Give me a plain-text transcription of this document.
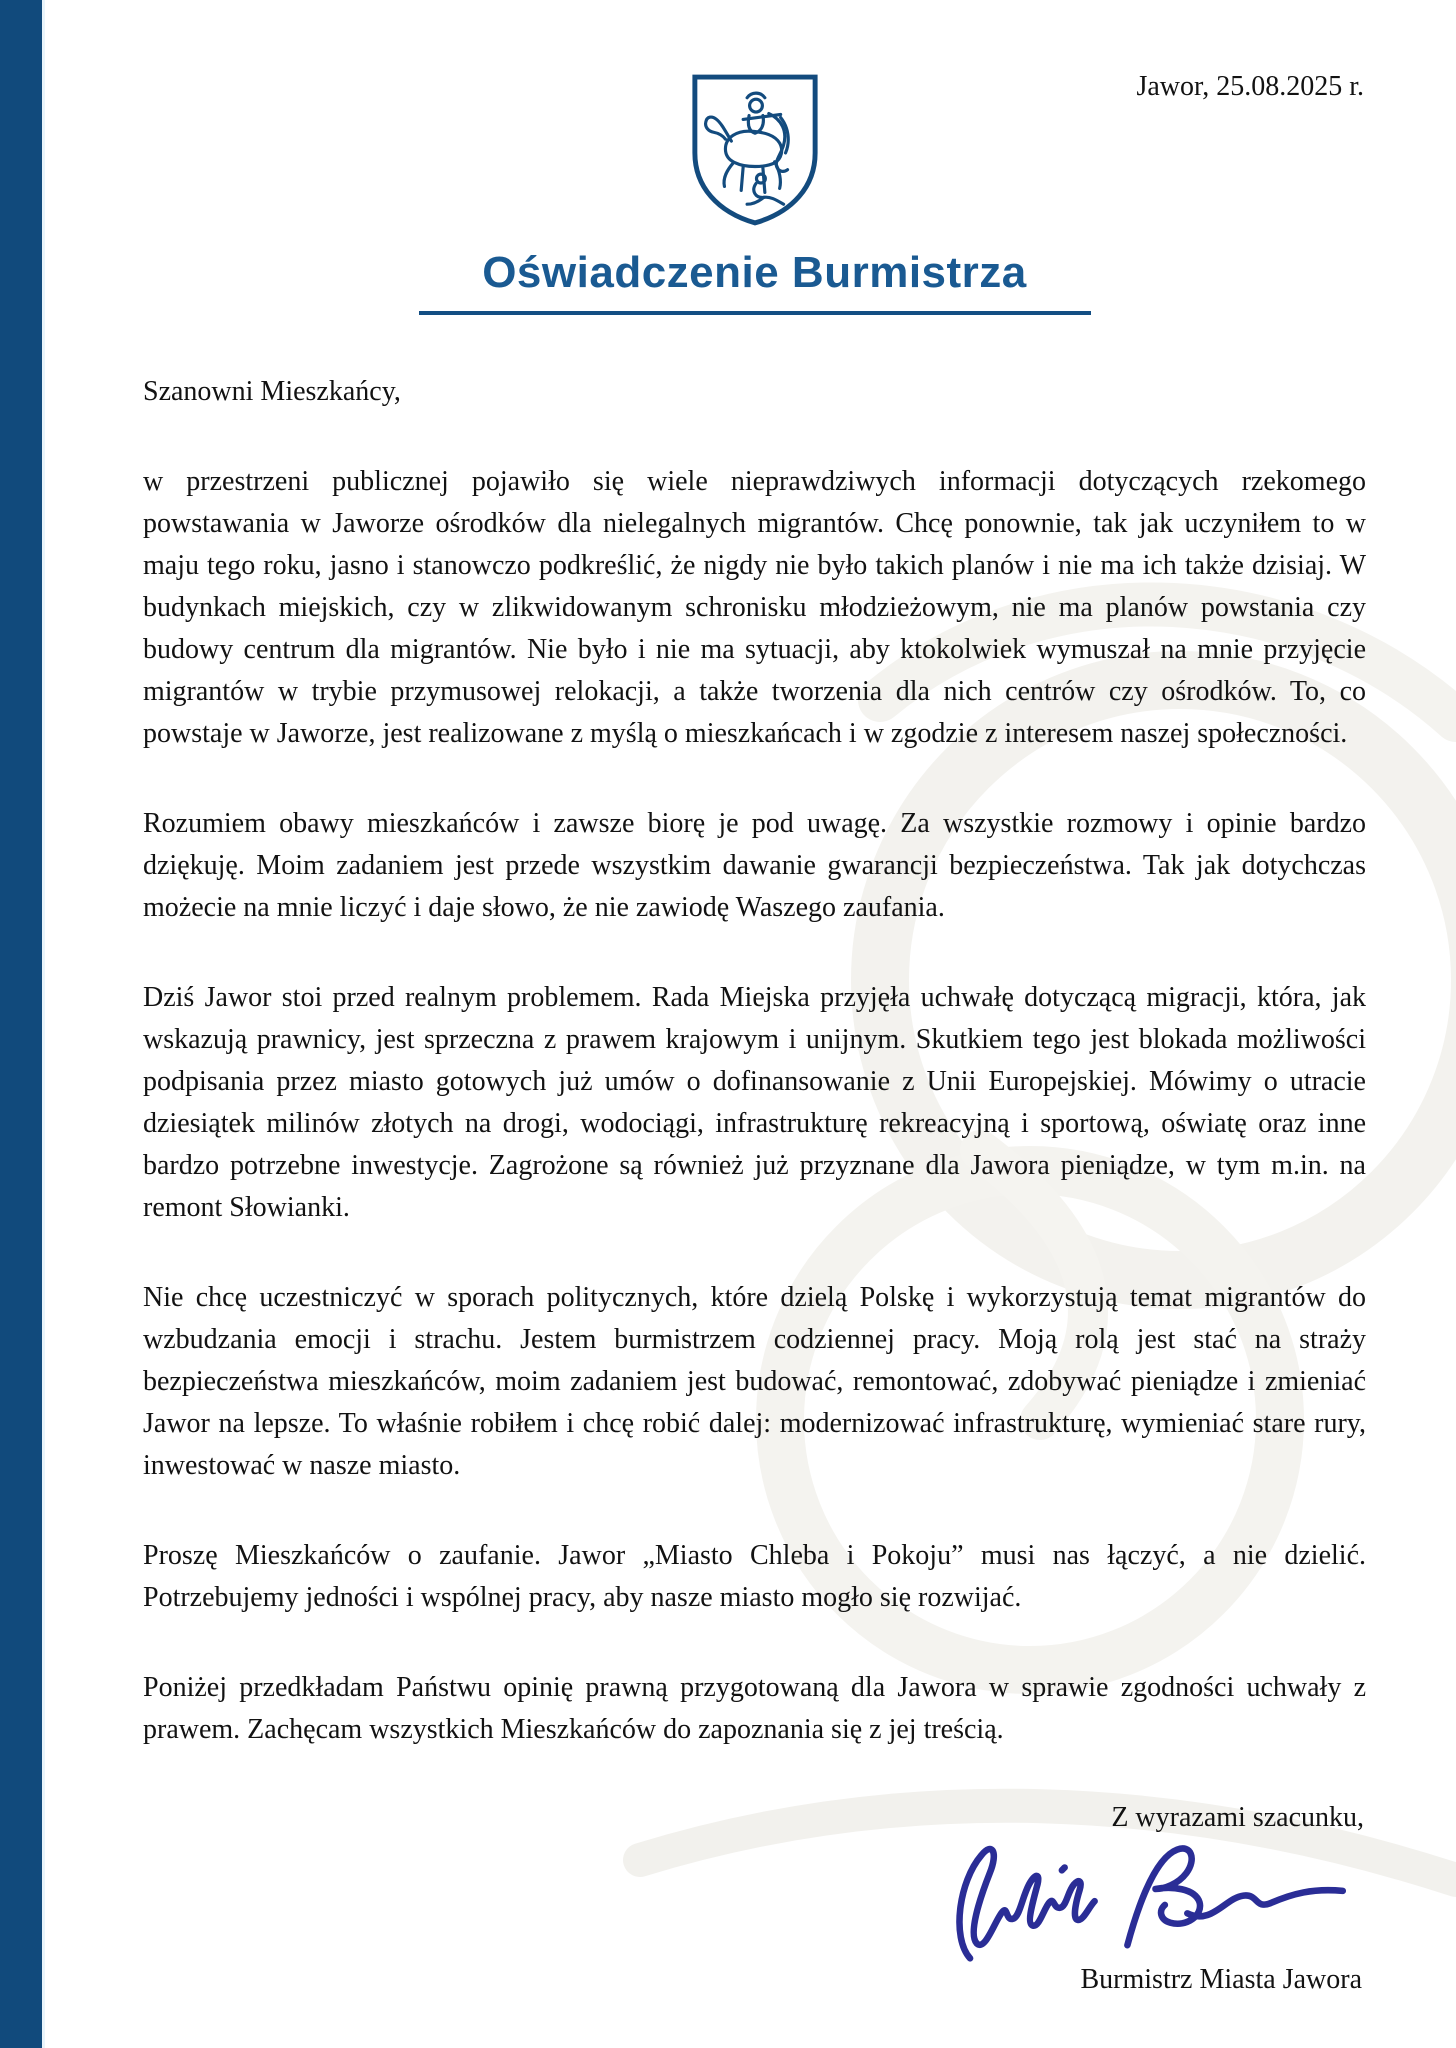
Jawor, 25.08.2025 r.
Oświadczenie Burmistrza
Szanowni Mieszkańcy,

w przestrzeni publicznej pojawiło się wiele nieprawdziwych informacji dotyczących rzekomego powstawania w Jaworze ośrodków dla nielegalnych migrantów. Chcę ponownie, tak jak uczyniłem to w maju tego roku, jasno i stanowczo podkreślić, że nigdy nie było takich planów i nie ma ich także dzisiaj. W budynkach miejskich, czy w zlikwidowanym schronisku młodzieżowym, nie ma planów powstania czy budowy centrum dla migrantów. Nie było i nie ma sytuacji, aby ktokolwiek wymuszał na mnie przyjęcie migrantów w trybie przymusowej relokacji, a także tworzenia dla nich centrów czy ośrodków. To, co powstaje w Jaworze, jest realizowane z myślą o mieszkańcach i w zgodzie z interesem naszej społeczności.

Rozumiem obawy mieszkańców i zawsze biorę je pod uwagę. Za wszystkie rozmowy i opinie bardzo dziękuję. Moim zadaniem jest przede wszystkim dawanie gwarancji bezpieczeństwa. Tak jak dotychczas możecie na mnie liczyć i daje słowo, że nie zawiodę Waszego zaufania.

Dziś Jawor stoi przed realnym problemem. Rada Miejska przyjęła uchwałę dotyczącą migracji, która, jak wskazują prawnicy, jest sprzeczna z prawem krajowym i unijnym. Skutkiem tego jest blokada możliwości podpisania przez miasto gotowych już umów o dofinansowanie z Unii Europejskiej. Mówimy o utracie dziesiątek milinów złotych na drogi, wodociągi, infrastrukturę rekreacyjną i sportową, oświatę oraz inne bardzo potrzebne inwestycje. Zagrożone są również już przyznane dla Jawora pieniądze, w tym m.in. na remont Słowianki.

Nie chcę uczestniczyć w sporach politycznych, które dzielą Polskę i wykorzystują temat migrantów do wzbudzania emocji i strachu. Jestem burmistrzem codziennej pracy. Moją rolą jest stać na straży bezpieczeństwa mieszkańców, moim zadaniem jest budować, remontować, zdobywać pieniądze i zmieniać Jawor na lepsze. To właśnie robiłem i chcę robić dalej: modernizować infrastrukturę, wymieniać stare rury, inwestować w nasze miasto.

Proszę Mieszkańców o zaufanie. Jawor „Miasto Chleba i Pokoju” musi nas łączyć, a nie dzielić. Potrzebujemy jedności i wspólnej pracy, aby nasze miasto mogło się rozwijać.

Poniżej przedkładam Państwu opinię prawną przygotowaną dla Jawora w sprawie zgodności uchwały z prawem. Zachęcam wszystkich Mieszkańców do zapoznania się z jej treścią.

Z wyrazami szacunku,
Burmistrz Miasta Jawora
